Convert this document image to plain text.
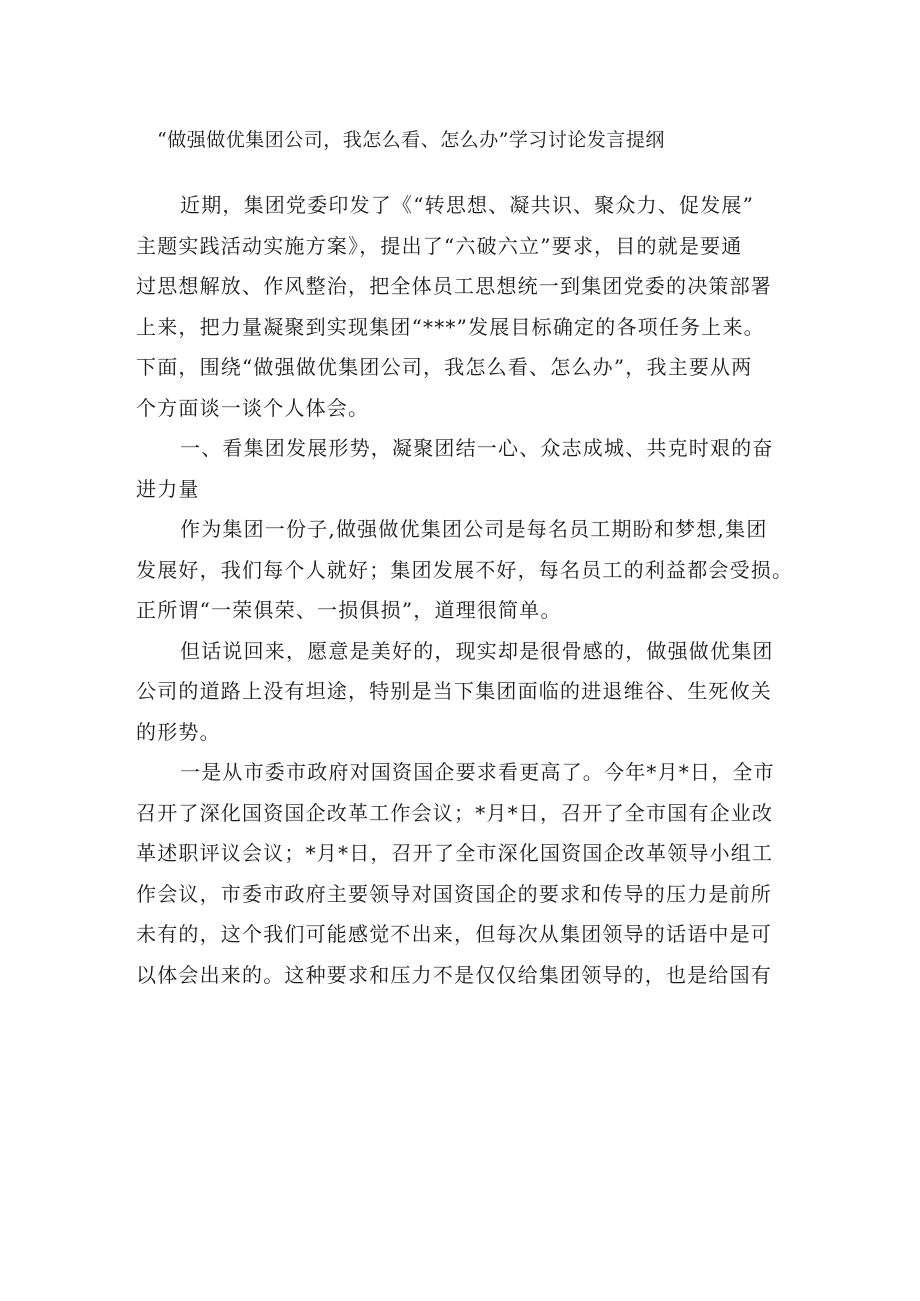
“做强做优集团公司，我怎么看、怎么办”学习讨论发言提纲
近期，集团党委印发了《“转思想、凝共识、聚众力、促发展”
主题实践活动实施方案》，提出了“六破六立”要求，目的就是要通
过思想解放、作风整治，把全体员工思想统一到集团党委的决策部署
上来，把力量凝聚到实现集团“***”发展目标确定的各项任务上来。
下面，围绕“做强做优集团公司，我怎么看、怎么办”，我主要从两
个方面谈一谈个人体会。
一、看集团发展形势，凝聚团结一心、众志成城、共克时艰的奋
进力量
作为集团一份子,做强做优集团公司是每名员工期盼和梦想,集团
发展好，我们每个人就好；集团发展不好，每名员工的利益都会受损。
正所谓“一荣俱荣、一损俱损”，道理很简单。
但话说回来，愿意是美好的，现实却是很骨感的，做强做优集团
公司的道路上没有坦途，特别是当下集团面临的进退维谷、生死攸关
的形势。
一是从市委市政府对国资国企要求看更高了。今年*月*日，全市
召开了深化国资国企改革工作会议；*月*日，召开了全市国有企业改
革述职评议会议；*月*日，召开了全市深化国资国企改革领导小组工
作会议，市委市政府主要领导对国资国企的要求和传导的压力是前所
未有的，这个我们可能感觉不出来，但每次从集团领导的话语中是可
以体会出来的。这种要求和压力不是仅仅给集团领导的，也是给国有
